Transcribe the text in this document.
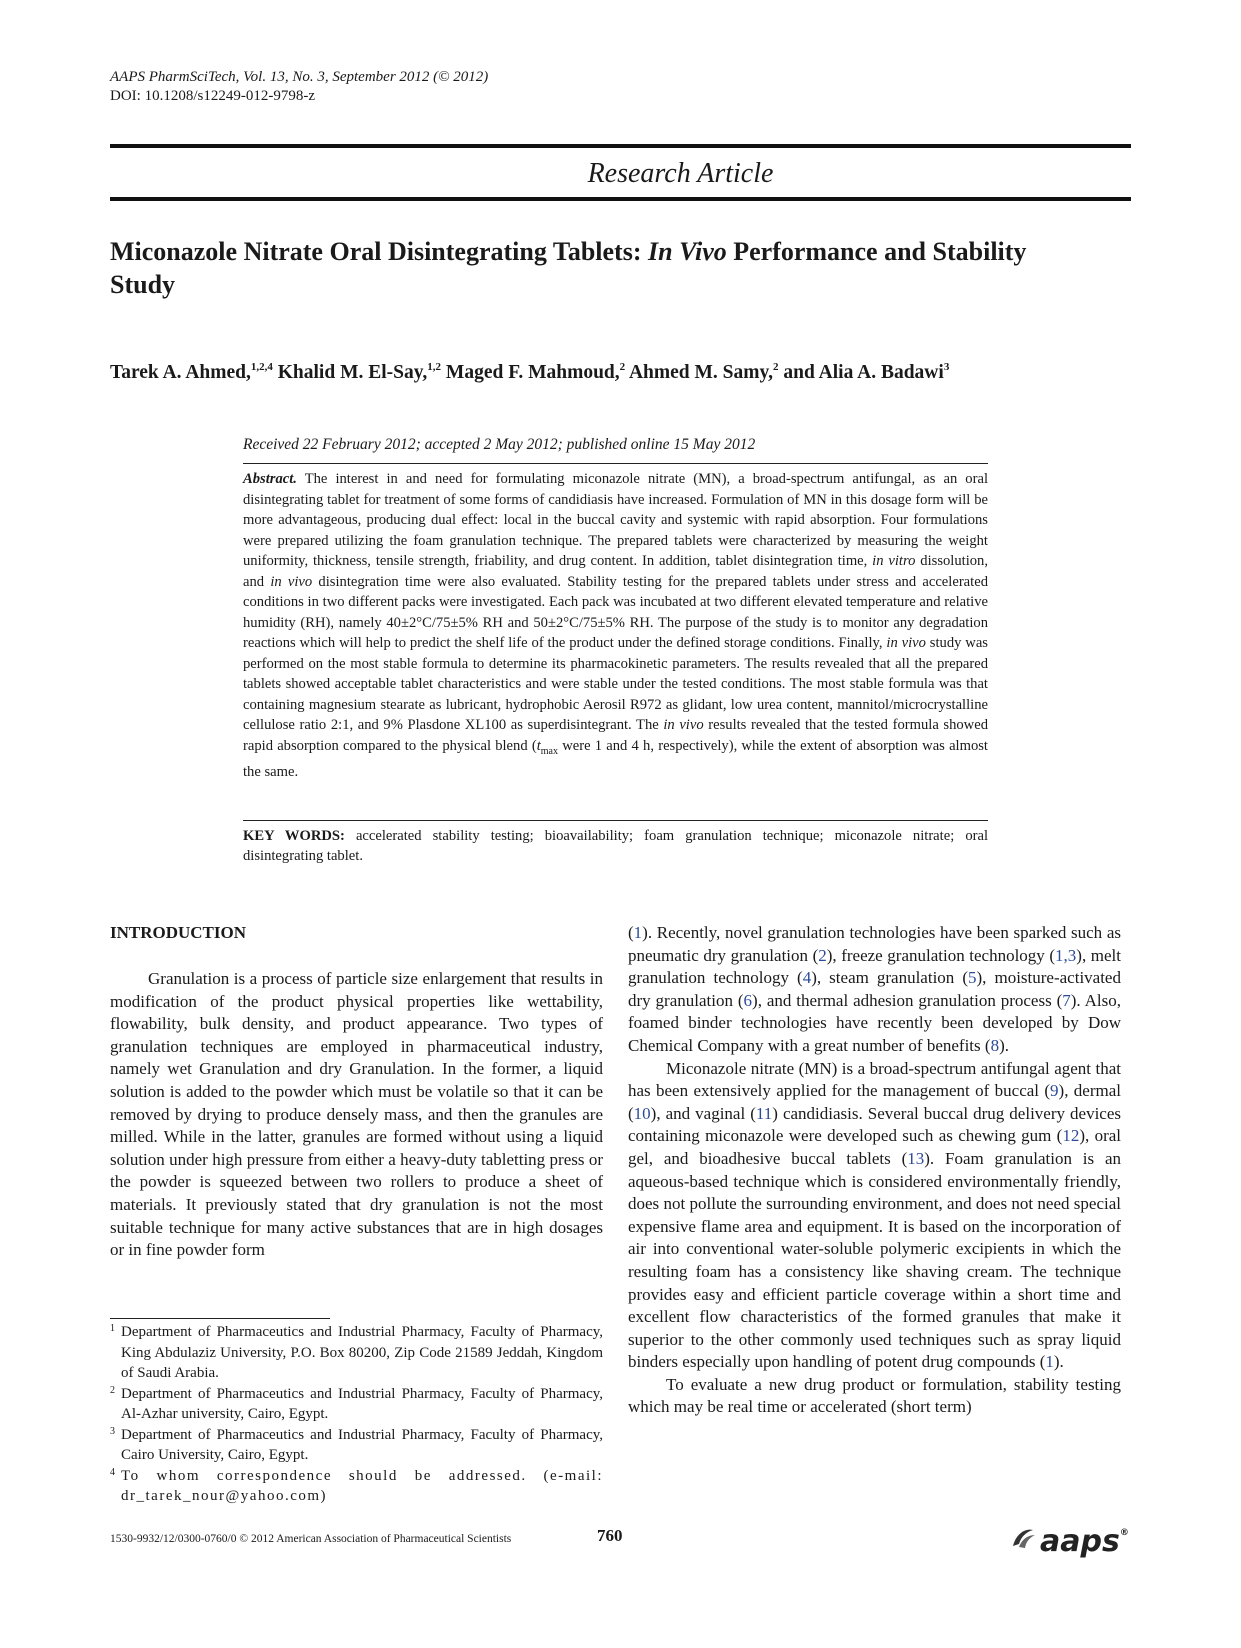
AAPS PharmSciTech, Vol. 13, No. 3, September 2012 (© 2012)
DOI: 10.1208/s12249-012-9798-z
Research Article
Miconazole Nitrate Oral Disintegrating Tablets: In Vivo Performance and Stability Study
Tarek A. Ahmed,$^{1,2,4}$ Khalid M. El-Say,$^{1,2}$ Maged F. Mahmoud,$^2$ Ahmed M. Samy,$^2$ and Alia A. Badawi$^3$
Received 22 February 2012; accepted 2 May 2012; published online 15 May 2012
Abstract. The interest in and need for formulating miconazole nitrate (MN), a broad-spectrum antifungal, as an oral disintegrating tablet for treatment of some forms of candidiasis have increased. Formulation of MN in this dosage form will be more advantageous, producing dual effect: local in the buccal cavity and systemic with rapid absorption. Four formulations were prepared utilizing the foam granulation technique. The prepared tablets were characterized by measuring the weight uniformity, thickness, tensile strength, friability, and drug content. In addition, tablet disintegration time, in vitro dissolution, and in vivo disintegration time were also evaluated. Stability testing for the prepared tablets under stress and accelerated conditions in two different packs were investigated. Each pack was incubated at two different elevated temperature and relative humidity (RH), namely 40±2°C/75±5% RH and 50±2°C/75±5% RH. The purpose of the study is to monitor any degradation reactions which will help to predict the shelf life of the product under the defined storage conditions. Finally, in vivo study was performed on the most stable formula to determine its pharmacokinetic parameters. The results revealed that all the prepared tablets showed acceptable tablet characteristics and were stable under the tested conditions. The most stable formula was that containing magnesium stearate as lubricant, hydrophobic Aerosil R972 as glidant, low urea content, mannitol/microcrystalline cellulose ratio 2:1, and 9% Plasdone XL100 as superdisintegrant. The in vivo results revealed that the tested formula showed rapid absorption compared to the physical blend ($t_{max}$ were 1 and 4 h, respectively), while the extent of absorption was almost the same.
KEY WORDS: accelerated stability testing; bioavailability; foam granulation technique; miconazole nitrate; oral disintegrating tablet.
INTRODUCTION

Granulation is a process of particle size enlargement that results in modification of the product physical properties like wettability, flowability, bulk density, and product appearance. Two types of granulation techniques are employed in pharmaceutical industry, namely wet Granulation and dry Granulation. In the former, a liquid solution is added to the powder which must be volatile so that it can be removed by drying to produce densely mass, and then the granules are milled. While in the latter, granules are formed without using a liquid solution under high pressure from either a heavy-duty tabletting press or the powder is squeezed between two rollers to produce a sheet of materials. It previously stated that dry granulation is not the most suitable technique for many active substances that are in high dosages or in fine powder form

(1). Recently, novel granulation technologies have been sparked such as pneumatic dry granulation (2), freeze granulation technology (1,3), melt granulation technology (4), steam granulation (5), moisture-activated dry granulation (6), and thermal adhesion granulation process (7). Also, foamed binder technologies have recently been developed by Dow Chemical Company with a great number of benefits (8).

Miconazole nitrate (MN) is a broad-spectrum antifungal agent that has been extensively applied for the management of buccal (9), dermal (10), and vaginal (11) candidiasis. Several buccal drug delivery devices containing miconazole were developed such as chewing gum (12), oral gel, and bioadhesive buccal tablets (13). Foam granulation is an aqueous-based technique which is considered environmentally friendly, does not pollute the surrounding environment, and does not need special expensive flame area and equipment. It is based on the incorporation of air into conventional water-soluble polymeric excipients in which the resulting foam has a consistency like shaving cream. The technique provides easy and efficient particle coverage within a short time and excellent flow characteristics of the formed granules that make it superior to the other commonly used techniques such as spray liquid binders especially upon handling of potent drug compounds (1).

To evaluate a new drug product or formulation, stability testing which may be real time or accelerated (short term)

1 Department of Pharmaceutics and Industrial Pharmacy, Faculty of Pharmacy, King Abdulaziz University, P.O. Box 80200, Zip Code 21589 Jeddah, Kingdom of Saudi Arabia.

2 Department of Pharmaceutics and Industrial Pharmacy, Faculty of Pharmacy, Al-Azhar university, Cairo, Egypt.

3 Department of Pharmaceutics and Industrial Pharmacy, Faculty of Pharmacy, Cairo University, Cairo, Egypt.

4 To whom correspondence should be addressed. (e-mail: dr_tarek_nour@yahoo.com)

1530-9932/12/0300-0760/0 © 2012 American Association of Pharmaceutical Scientists	760	aaps®
